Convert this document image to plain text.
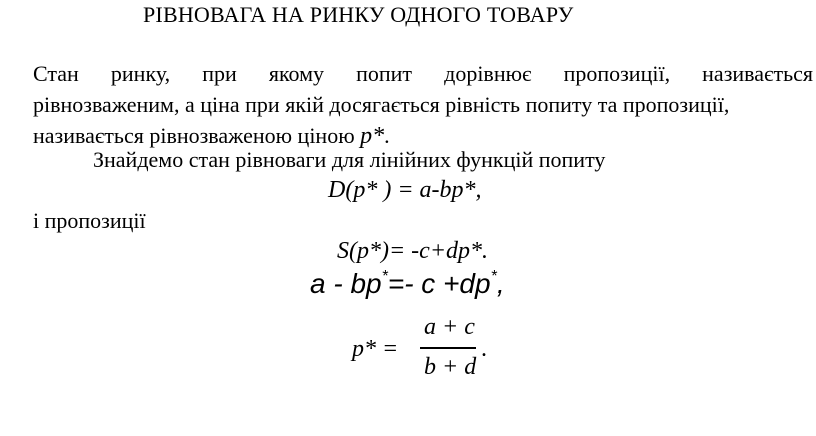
РІВНОВАГА НА РИНКУ ОДНОГО ТОВАРУ
Стан ринку, при якому попит дорівнює пропозиції, називається
рівнозваженим, а ціна при якій досягається рівність попиту та пропозиції,
називається рівнозваженою ціною р*.
Знайдемо стан рівноваги для лінійних функцій попиту
D(p* ) = a-bp*,
і пропозиції
S(p*)= -c+dp*.
a - bp*=- c +dp*,
p* =
a + c
b + d
.
